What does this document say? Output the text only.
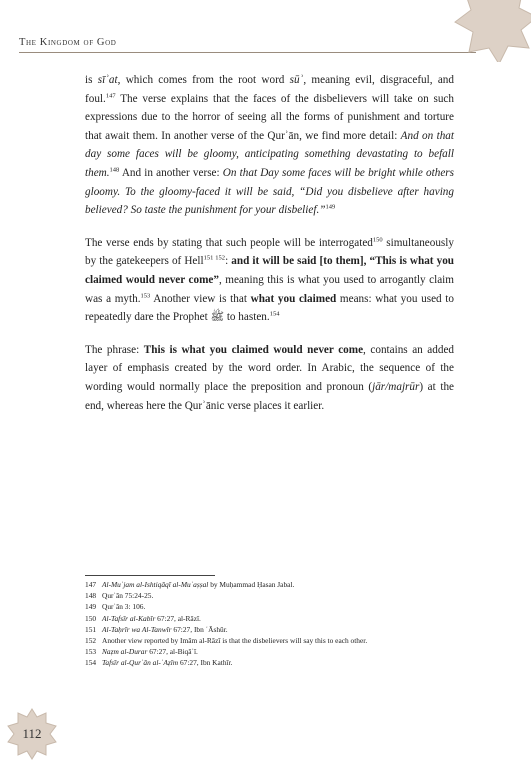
The Kingdom of God

is sīʾat, which comes from the root word sūʾ, meaning evil, disgraceful, and foul.$^{147}$ The verse explains that the faces of the disbelievers will take on such expressions due to the horror of seeing all the forms of punishment and torture that await them. In another verse of the Qurʾān, we find more detail: And on that day some faces will be gloomy, anticipating something devastating to befall them.$^{148}$ And in another verse: On that Day some faces will be bright while others gloomy. To the gloomy-faced it will be said, “Did you disbelieve after having believed? So taste the punishment for your disbelief.”$^{149}$

The verse ends by stating that such people will be interrogated$^{150}$ simultaneously by the gatekeepers of Hell$^{151 152}$: and it will be said [to them], “This is what you claimed would never come”, meaning this is what you used to arrogantly claim was a myth.$^{153}$ Another view is that what you claimed means: what you used to repeatedly dare the Prophet ﷺ to hasten.$^{154}$

The phrase: This is what you claimed would never come, contains an added layer of emphasis created by the word order. In Arabic, the sequence of the wording would normally place the preposition and pronoun (jār/majrūr) at the end, whereas here the Qurʾānic verse places it earlier.

147 Al-Muʿjam al-Ishtiqāqī al-Muʾaṣṣal by Muḥammad Ḥasan Jabal.
148 Qurʾān 75:24-25.
149 Qurʾān 3: 106.
150 Al-Tafsīr al-Kabīr 67:27, al-Rāzī.
151 Al-Taḥrīr wa Al-Tanwīr 67:27, Ibn ʿĀshūr.
152 Another view reported by Imām al-Rāzī is that the disbelievers will say this to each other.
153 Naẓm al-Durar 67:27, al-Biqāʿī.
154 Tafsīr al-Qurʾān al-ʿAẓīm 67:27, Ibn Kathīr.
112
